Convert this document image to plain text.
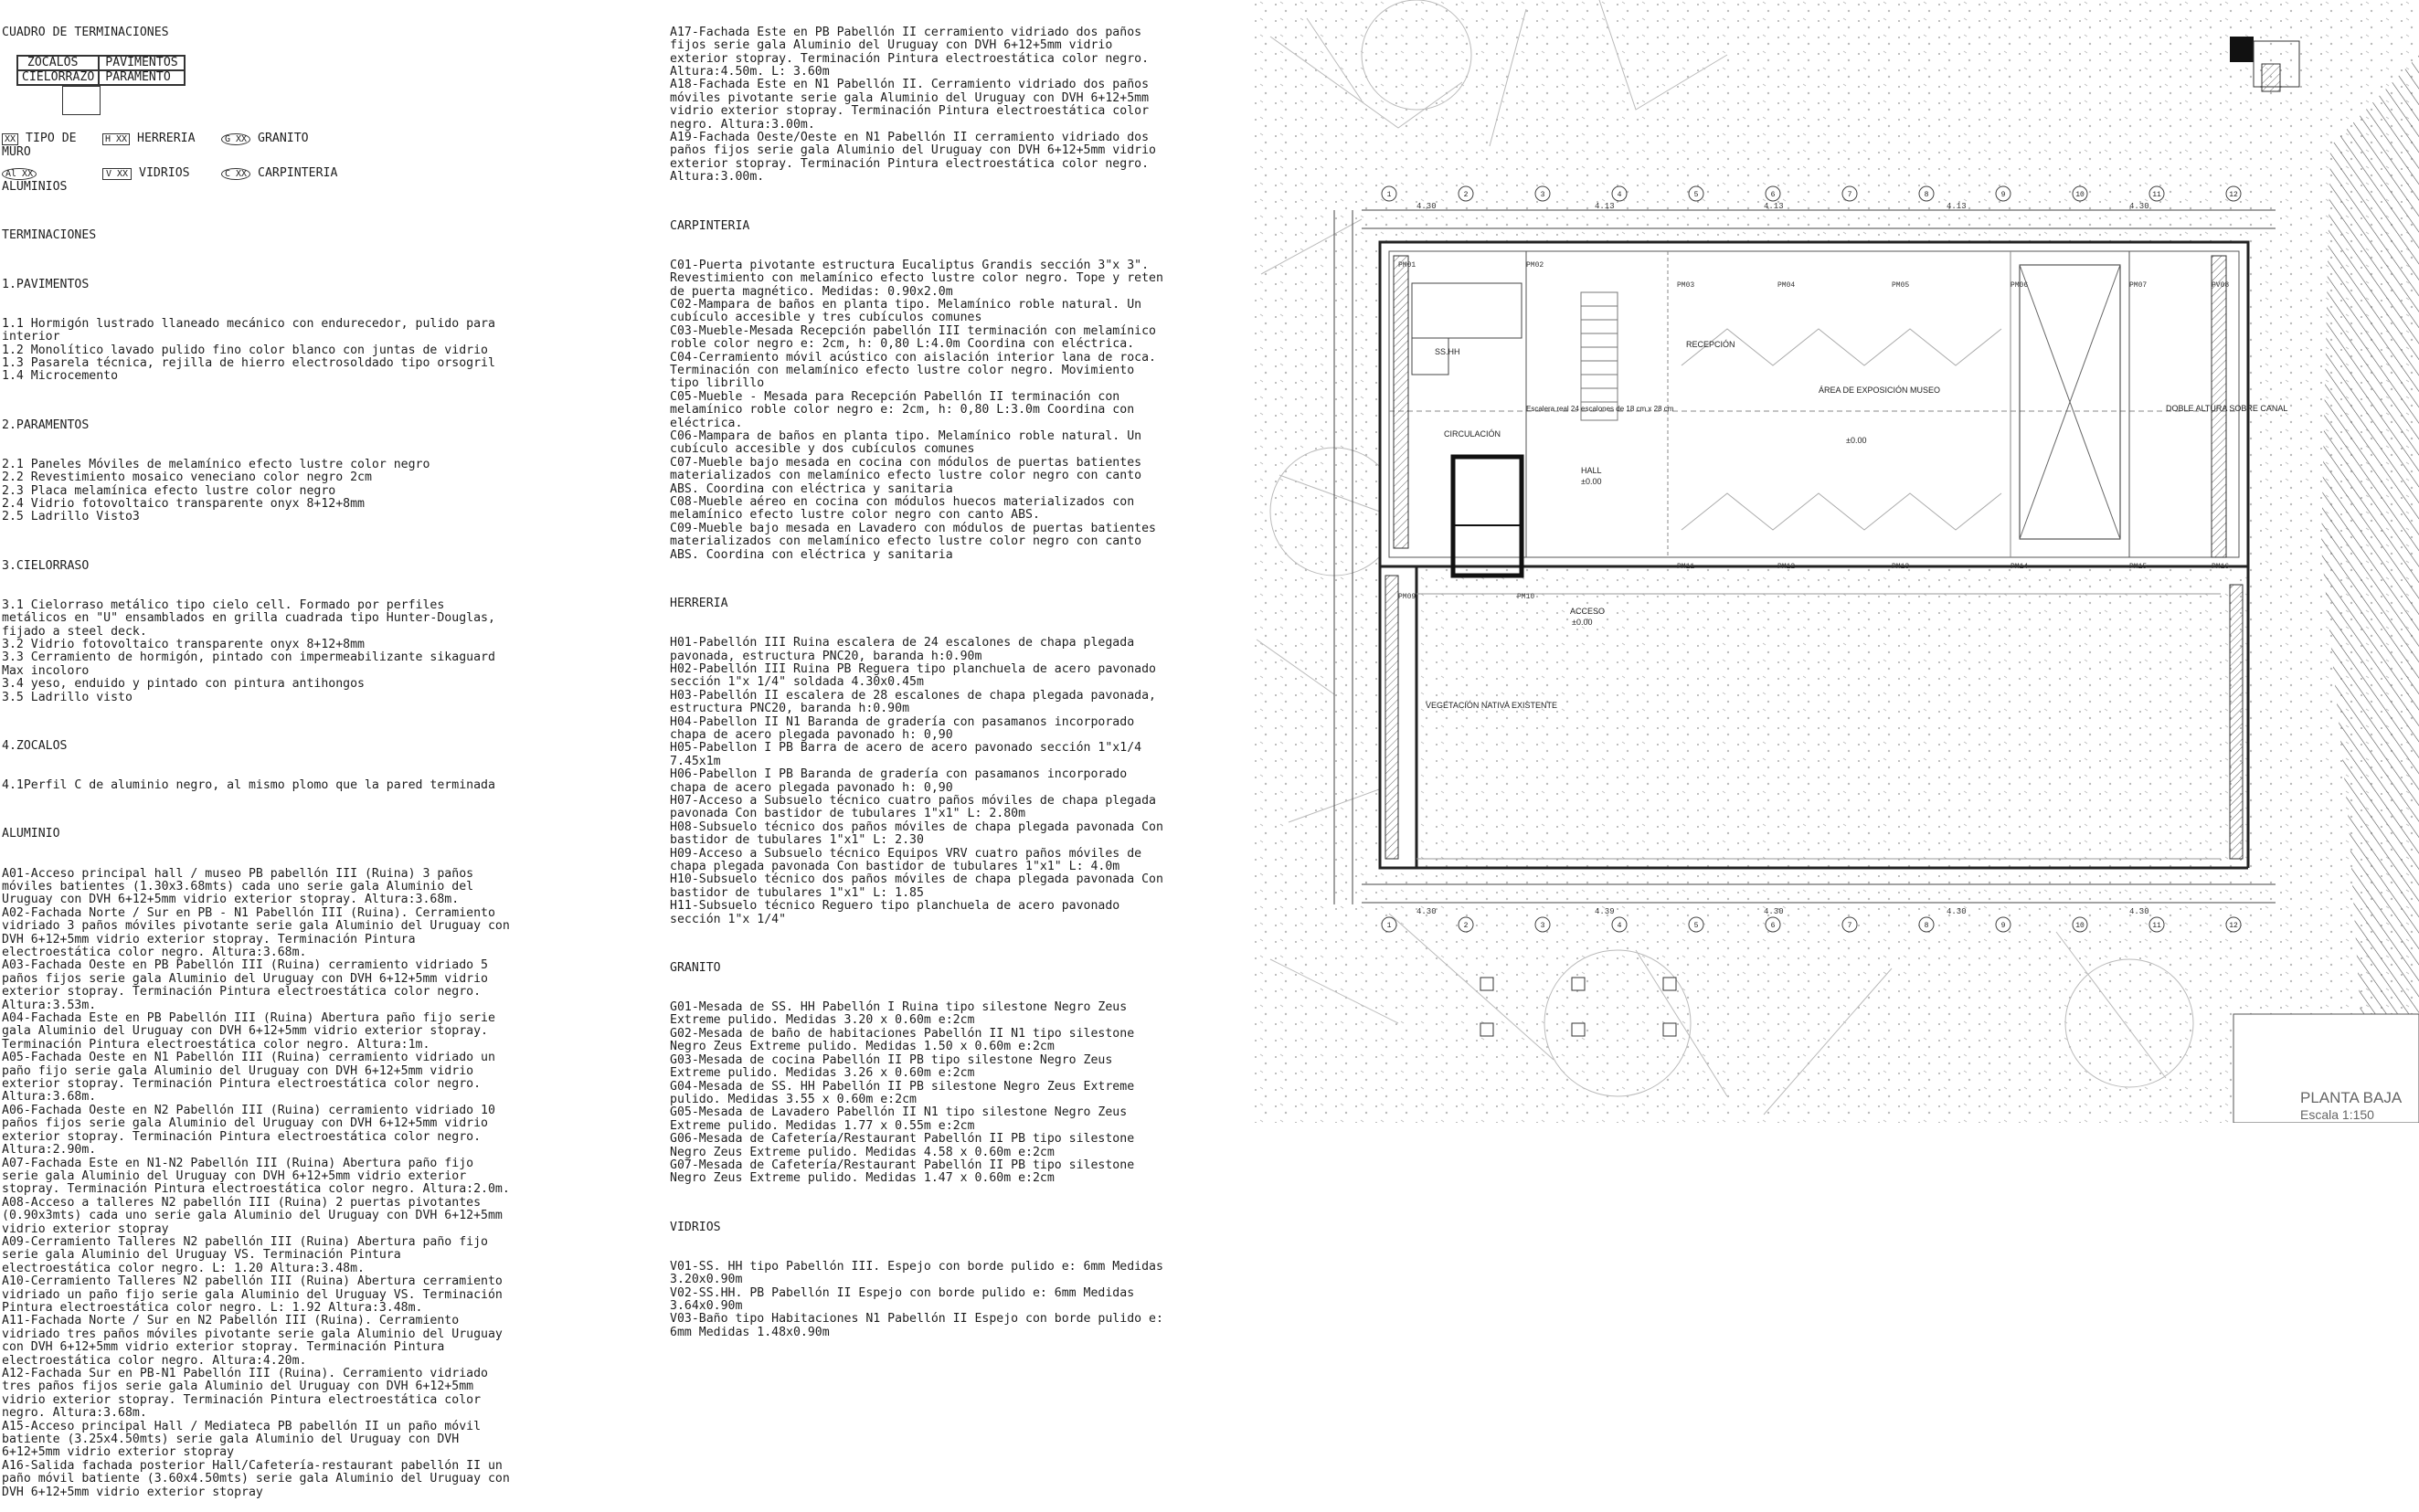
CUADRO DE TERMINACIONES

ZOCALOS	PAVIMENTOS
CIELORRAZO PARAMENTO

XX TIPO DE MURO
H XX HERRERIA	G XX GRANITO
Al XX ALUMINIOS
V XX VIDRIOS	C XX CARPINTERIA

TERMINACIONES

1.PAVIMENTOS

1.1 Hormigón lustrado llaneado mecánico con endurecedor, pulido para interior
1.2 Monolítico lavado pulido fino color blanco con juntas de vidrio
1.3 Pasarela técnica, rejilla de hierro electrosoldado tipo orsogril
1.4 Microcemento

2.PARAMENTOS

2.1 Paneles Móviles de melamínico efecto lustre color negro
2.2 Revestimiento mosaico veneciano color negro 2cm
2.3 Placa melamínica efecto lustre color negro
2.4 Vidrio fotovoltaico transparente onyx 8+12+8mm
2.5 Ladrillo Visto3

3.CIELORRASO

3.1 Cielorraso metálico tipo cielo cell. Formado por perfiles metálicos en "U" ensamblados en grilla cuadrada tipo Hunter-Douglas, fijado a steel deck.
3.2 Vidrio fotovoltaico transparente onyx 8+12+8mm
3.3 Cerramiento de hormigón, pintado con impermeabilizante sikaguard Max incoloro
3.4 yeso, enduido y pintado con pintura antihongos
3.5 Ladrillo visto

4.ZOCALOS

4.1Perfil C de aluminio negro, al mismo plomo que la pared terminada

ALUMINIO

A01-Acceso principal hall / museo PB pabellón III (Ruina) 3 paños móviles batientes (1.30x3.68mts) cada uno serie gala Aluminio del Uruguay con DVH 6+12+5mm vidrio exterior stopray. Altura:3.68m.
A02-Fachada Norte / Sur en PB - N1 Pabellón III (Ruina). Cerramiento vidriado 3 paños móviles pivotante serie gala Aluminio del Uruguay con DVH 6+12+5mm vidrio exterior stopray. Terminación Pintura electroestática color negro. Altura:3.68m.
A03-Fachada Oeste en PB Pabellón III (Ruina) cerramiento vidriado 5 paños fijos serie gala Aluminio del Uruguay con DVH 6+12+5mm vidrio exterior stopray. Terminación Pintura electroestática color negro. Altura:3.53m.
A04-Fachada Este en PB Pabellón III (Ruina) Abertura paño fijo serie gala Aluminio del Uruguay con DVH 6+12+5mm vidrio exterior stopray. Terminación Pintura electroestática color negro. Altura:1m.
A05-Fachada Oeste en N1 Pabellón III (Ruina) cerramiento vidriado un paño fijo serie gala Aluminio del Uruguay con DVH 6+12+5mm vidrio exterior stopray. Terminación Pintura electroestática color negro. Altura:3.68m.
A06-Fachada Oeste en N2 Pabellón III (Ruina) cerramiento vidriado 10 paños fijos serie gala Aluminio del Uruguay con DVH 6+12+5mm vidrio exterior stopray. Terminación Pintura electroestática color negro. Altura:2.90m.
A07-Fachada Este en N1-N2 Pabellón III (Ruina) Abertura paño fijo serie gala Aluminio del Uruguay con DVH 6+12+5mm vidrio exterior stopray. Terminación Pintura electroestática color negro. Altura:2.0m.
A08-Acceso a talleres N2 pabellón III (Ruina) 2 puertas pivotantes (0.90x3mts) cada uno serie gala Aluminio del Uruguay con DVH 6+12+5mm vidrio exterior stopray
A09-Cerramiento Talleres N2 pabellón III (Ruina) Abertura paño fijo serie gala Aluminio del Uruguay VS. Terminación Pintura electroestática color negro. L: 1.20 Altura:3.48m.
A10-Cerramiento Talleres N2 pabellón III (Ruina) Abertura cerramiento vidriado un paño fijo serie gala Aluminio del Uruguay VS. Terminación Pintura electroestática color negro. L: 1.92 Altura:3.48m.
A11-Fachada Norte / Sur en N2 Pabellón III (Ruina). Cerramiento vidriado tres paños móviles pivotante serie gala Aluminio del Uruguay con DVH 6+12+5mm vidrio exterior stopray. Terminación Pintura electroestática color negro. Altura:4.20m.
A12-Fachada Sur en PB-N1 Pabellón III (Ruina). Cerramiento vidriado tres paños fijos serie gala Aluminio del Uruguay con DVH 6+12+5mm vidrio exterior stopray. Terminación Pintura electroestática color negro. Altura:3.68m.
A15-Acceso principal Hall / Mediateca PB pabellón II un paño móvil batiente (3.25x4.50mts) serie gala Aluminio del Uruguay con DVH 6+12+5mm vidrio exterior stopray
A16-Salida fachada posterior Hall/Cafetería-restaurant pabellón II un paño móvil batiente (3.60x4.50mts) serie gala Aluminio del Uruguay con DVH 6+12+5mm vidrio exterior stopray

A17-Fachada Este en PB Pabellón II cerramiento vidriado dos paños fijos serie gala Aluminio del Uruguay con DVH 6+12+5mm vidrio exterior stopray. Terminación Pintura electroestática color negro. Altura:4.50m. L: 3.60m
A18-Fachada Este en N1 Pabellón II. Cerramiento vidriado dos paños móviles pivotante serie gala Aluminio del Uruguay con DVH 6+12+5mm vidrio exterior stopray. Terminación Pintura electroestática color negro. Altura:3.00m.
A19-Fachada Oeste/Oeste en N1 Pabellón II cerramiento vidriado dos paños fijos serie gala Aluminio del Uruguay con DVH 6+12+5mm vidrio exterior stopray. Terminación Pintura electroestática color negro. Altura:3.00m.

CARPINTERIA

C01-Puerta pivotante estructura Eucaliptus Grandis sección 3"x 3". Revestimiento con melamínico efecto lustre color negro. Tope y reten de puerta magnético. Medidas: 0.90x2.0m
C02-Mampara de baños en planta tipo. Melamínico roble natural. Un cubículo accesible y tres cubículos comunes
C03-Mueble-Mesada Recepción pabellón III terminación con melamínico roble color negro e: 2cm, h: 0,80 L:4.0m Coordina con eléctrica.
C04-Cerramiento móvil acústico con aislación interior lana de roca. Terminación con melamínico efecto lustre color negro. Movimiento tipo librillo
C05-Mueble - Mesada para Recepción Pabellón II terminación con melamínico roble color negro e: 2cm, h: 0,80 L:3.0m Coordina con eléctrica.
C06-Mampara de baños en planta tipo. Melamínico roble natural. Un cubículo accesible y dos cubículos comunes
C07-Mueble bajo mesada en cocina con módulos de puertas batientes materializados con melamínico efecto lustre color negro con canto ABS. Coordina con eléctrica y sanitaria
C08-Mueble aéreo en cocina con módulos huecos materializados con melamínico efecto lustre color negro con canto ABS.
C09-Mueble bajo mesada en Lavadero con módulos de puertas batientes materializados con melamínico efecto lustre color negro con canto ABS. Coordina con eléctrica y sanitaria

HERRERIA

H01-Pabellón III Ruina escalera de 24 escalones de chapa plegada pavonada, estructura PNC20, baranda h:0.90m
H02-Pabellón III Ruina PB Reguera tipo planchuela de acero pavonado sección 1"x 1/4" soldada 4.30x0.45m
H03-Pabellón II escalera de 28 escalones de chapa plegada pavonada, estructura PNC20, baranda h:0.90m
H04-Pabellon II N1 Baranda de gradería con pasamanos incorporado chapa de acero plegada pavonado h: 0,90
H05-Pabellon I PB Barra de acero de acero pavonado sección 1"x1/4 7.45x1m
H06-Pabellon I PB Baranda de gradería con pasamanos incorporado chapa de acero plegada pavonado h: 0,90
H07-Acceso a Subsuelo técnico cuatro paños móviles de chapa plegada pavonada Con bastidor de tubulares 1"x1" L: 2.80m
H08-Subsuelo técnico dos paños móviles de chapa plegada pavonada Con bastidor de tubulares 1"x1" L: 2.30
H09-Acceso a Subsuelo técnico Equipos VRV cuatro paños móviles de chapa plegada pavonada Con bastidor de tubulares 1"x1" L: 4.0m
H10-Subsuelo técnico dos paños móviles de chapa plegada pavonada Con bastidor de tubulares 1"x1" L: 1.85
H11-Subsuelo técnico Reguero tipo planchuela de acero pavonado sección 1"x 1/4"

GRANITO

G01-Mesada de SS. HH Pabellón I Ruina tipo silestone Negro Zeus Extreme pulido. Medidas 3.20 x 0.60m e:2cm
G02-Mesada de baño de habitaciones Pabellón II N1 tipo silestone Negro Zeus Extreme pulido. Medidas 1.50 x 0.60m e:2cm
G03-Mesada de cocina Pabellón II PB tipo silestone Negro Zeus Extreme pulido. Medidas 3.26 x 0.60m e:2cm
G04-Mesada de SS. HH Pabellón II PB silestone Negro Zeus Extreme pulido. Medidas 3.55 x 0.60m e:2cm
G05-Mesada de Lavadero Pabellón II N1 tipo silestone Negro Zeus Extreme pulido. Medidas 1.77 x 0.55m e:2cm
G06-Mesada de Cafetería/Restaurant Pabellón II PB tipo silestone Negro Zeus Extreme pulido. Medidas 4.58 x 0.60m e:2cm
G07-Mesada de Cafetería/Restaurant Pabellón II PB tipo silestone Negro Zeus Extreme pulido. Medidas 1.47 x 0.60m e:2cm

VIDRIOS

V01-SS. HH tipo Pabellón III. Espejo con borde pulido e: 6mm Medidas 3.20x0.90m
V02-SS.HH. PB Pabellón II Espejo con borde pulido e: 6mm Medidas 3.64x0.90m
V03-Baño tipo Habitaciones N1 Pabellón II Espejo con borde pulido e: 6mm Medidas 1.48x0.90m

4.30	4.13	4.13	4.13	4.30
4.30	4.39	4.30	4.30	4.30
1
1
2
2
3
3
4
4
5
5
6
6
7
7
8
8
9
9
10
10
11
11
12
12
PM01	PM02
PM03	PM04	PM05	PM06	PM07	PV08
PM09	PM10
PM11	PM12	PM13	PM14	PM15	PM16
RECEPCIÓN
ÁREA DE EXPOSICIÓN MUSEO
HALL
CIRCULACIÓN
SS.HH
VEGETACIÓN NATIVA EXISTENTE
ACCESO
DOBLE ALTURA SOBRE CANAL
±0.00
±0.00
±0.00
Escalera real 24 escalones de 18 cm x 28 cm
PLANTA BAJA
Escala 1:150
